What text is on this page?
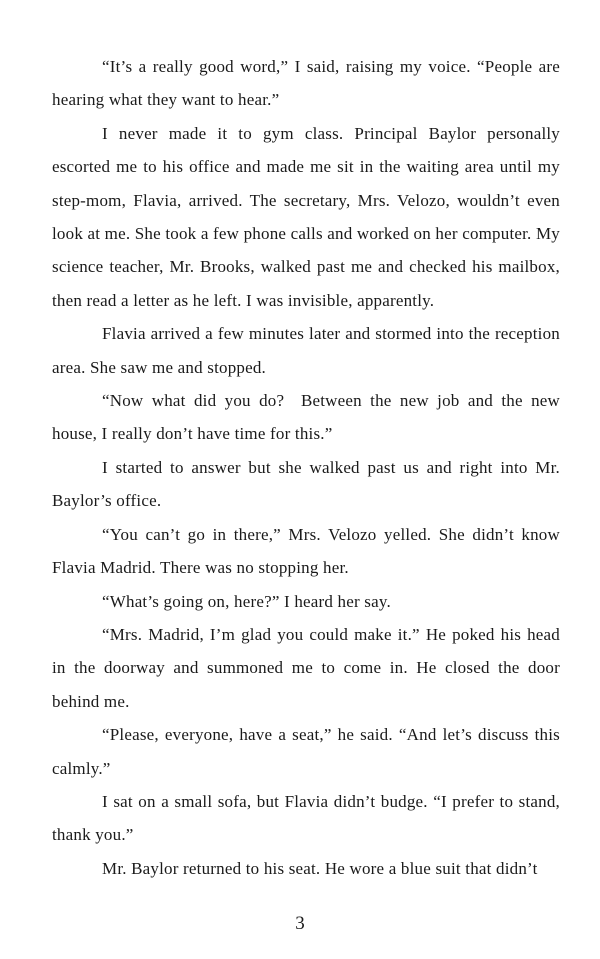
“It’s a really good word,” I said, raising my voice. “People are hearing what they want to hear.”

I never made it to gym class. Principal Baylor personally escorted me to his office and made me sit in the waiting area until my step-mom, Flavia, arrived. The secretary, Mrs. Velozo, wouldn’t even look at me. She took a few phone calls and worked on her computer. My science teacher, Mr. Brooks, walked past me and checked his mailbox, then read a letter as he left. I was invisible, apparently.

Flavia arrived a few minutes later and stormed into the reception area. She saw me and stopped.

“Now what did you do?  Between the new job and the new house, I really don’t have time for this.”

I started to answer but she walked past us and right into Mr. Baylor’s office.

“You can’t go in there,” Mrs. Velozo yelled. She didn’t know Flavia Madrid. There was no stopping her.

“What’s going on, here?” I heard her say.

“Mrs. Madrid, I’m glad you could make it.” He poked his head in the doorway and summoned me to come in. He closed the door behind me.

“Please, everyone, have a seat,” he said. “And let’s discuss this calmly.”

I sat on a small sofa, but Flavia didn’t budge. “I prefer to stand, thank you.”

Mr. Baylor returned to his seat. He wore a blue suit that didn’t

3
